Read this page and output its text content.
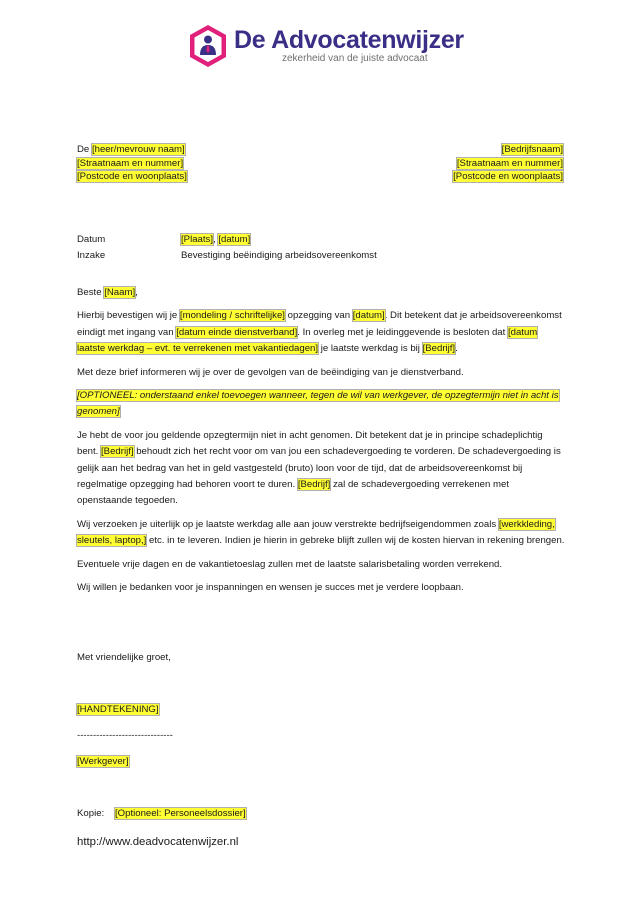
De Advocatenwijzer
zekerheid van de juiste advocaat
De [heer/mevrouw naam]
[Straatnaam en nummer]
[Postcode en woonplaats]
[Bedrijfsnaam]
[Straatnaam en nummer]
[Postcode en woonplaats]
Datum	[Plaats], [datum]
Inzake	Bevestiging beëindiging arbeidsovereenkomst

Beste [Naam],

Hierbij bevestigen wij je [mondeling / schriftelijke] opzegging van [datum]. Dit betekent dat je arbeidsovereenkomst eindigt met ingang van [datum einde dienstverband]. In overleg met je leidinggevende is besloten dat [datum laatste werkdag – evt. te verrekenen met vakantiedagen] je laatste werkdag is bij [Bedrijf].

Met deze brief informeren wij je over de gevolgen van de beëindiging van je dienstverband.

[OPTIONEEL: onderstaand enkel toevoegen wanneer, tegen de wil van werkgever, de opzegtermijn niet in acht is genomen]

Je hebt de voor jou geldende opzegtermijn niet in acht genomen. Dit betekent dat je in principe schadeplichtig bent. [Bedrijf] behoudt zich het recht voor om van jou een schadevergoeding te vorderen. De schadevergoeding is gelijk aan het bedrag van het in geld vastgesteld (bruto) loon voor de tijd, dat de arbeidsovereenkomst bij regelmatige opzegging had behoren voort te duren. [Bedrijf] zal de schadevergoeding verrekenen met openstaande tegoeden.

Wij verzoeken je uiterlijk op je laatste werkdag alle aan jouw verstrekte bedrijfseigendommen zoals [werkkleding, sleutels, laptop,] etc. in te leveren. Indien je hierin in gebreke blijft zullen wij de kosten hiervan in rekening brengen.

Eventuele vrije dagen en de vakantietoeslag zullen met de laatste salarisbetaling worden verrekend.

Wij willen je bedanken voor je inspanningen en wensen je succes met je verdere loopbaan.

Met vriendelijke groet,
[HANDTEKENING]
------------------------------
[Werkgever]
Kopie: [Optioneel: Personeelsdossier]
http://www.deadvocatenwijzer.nl
